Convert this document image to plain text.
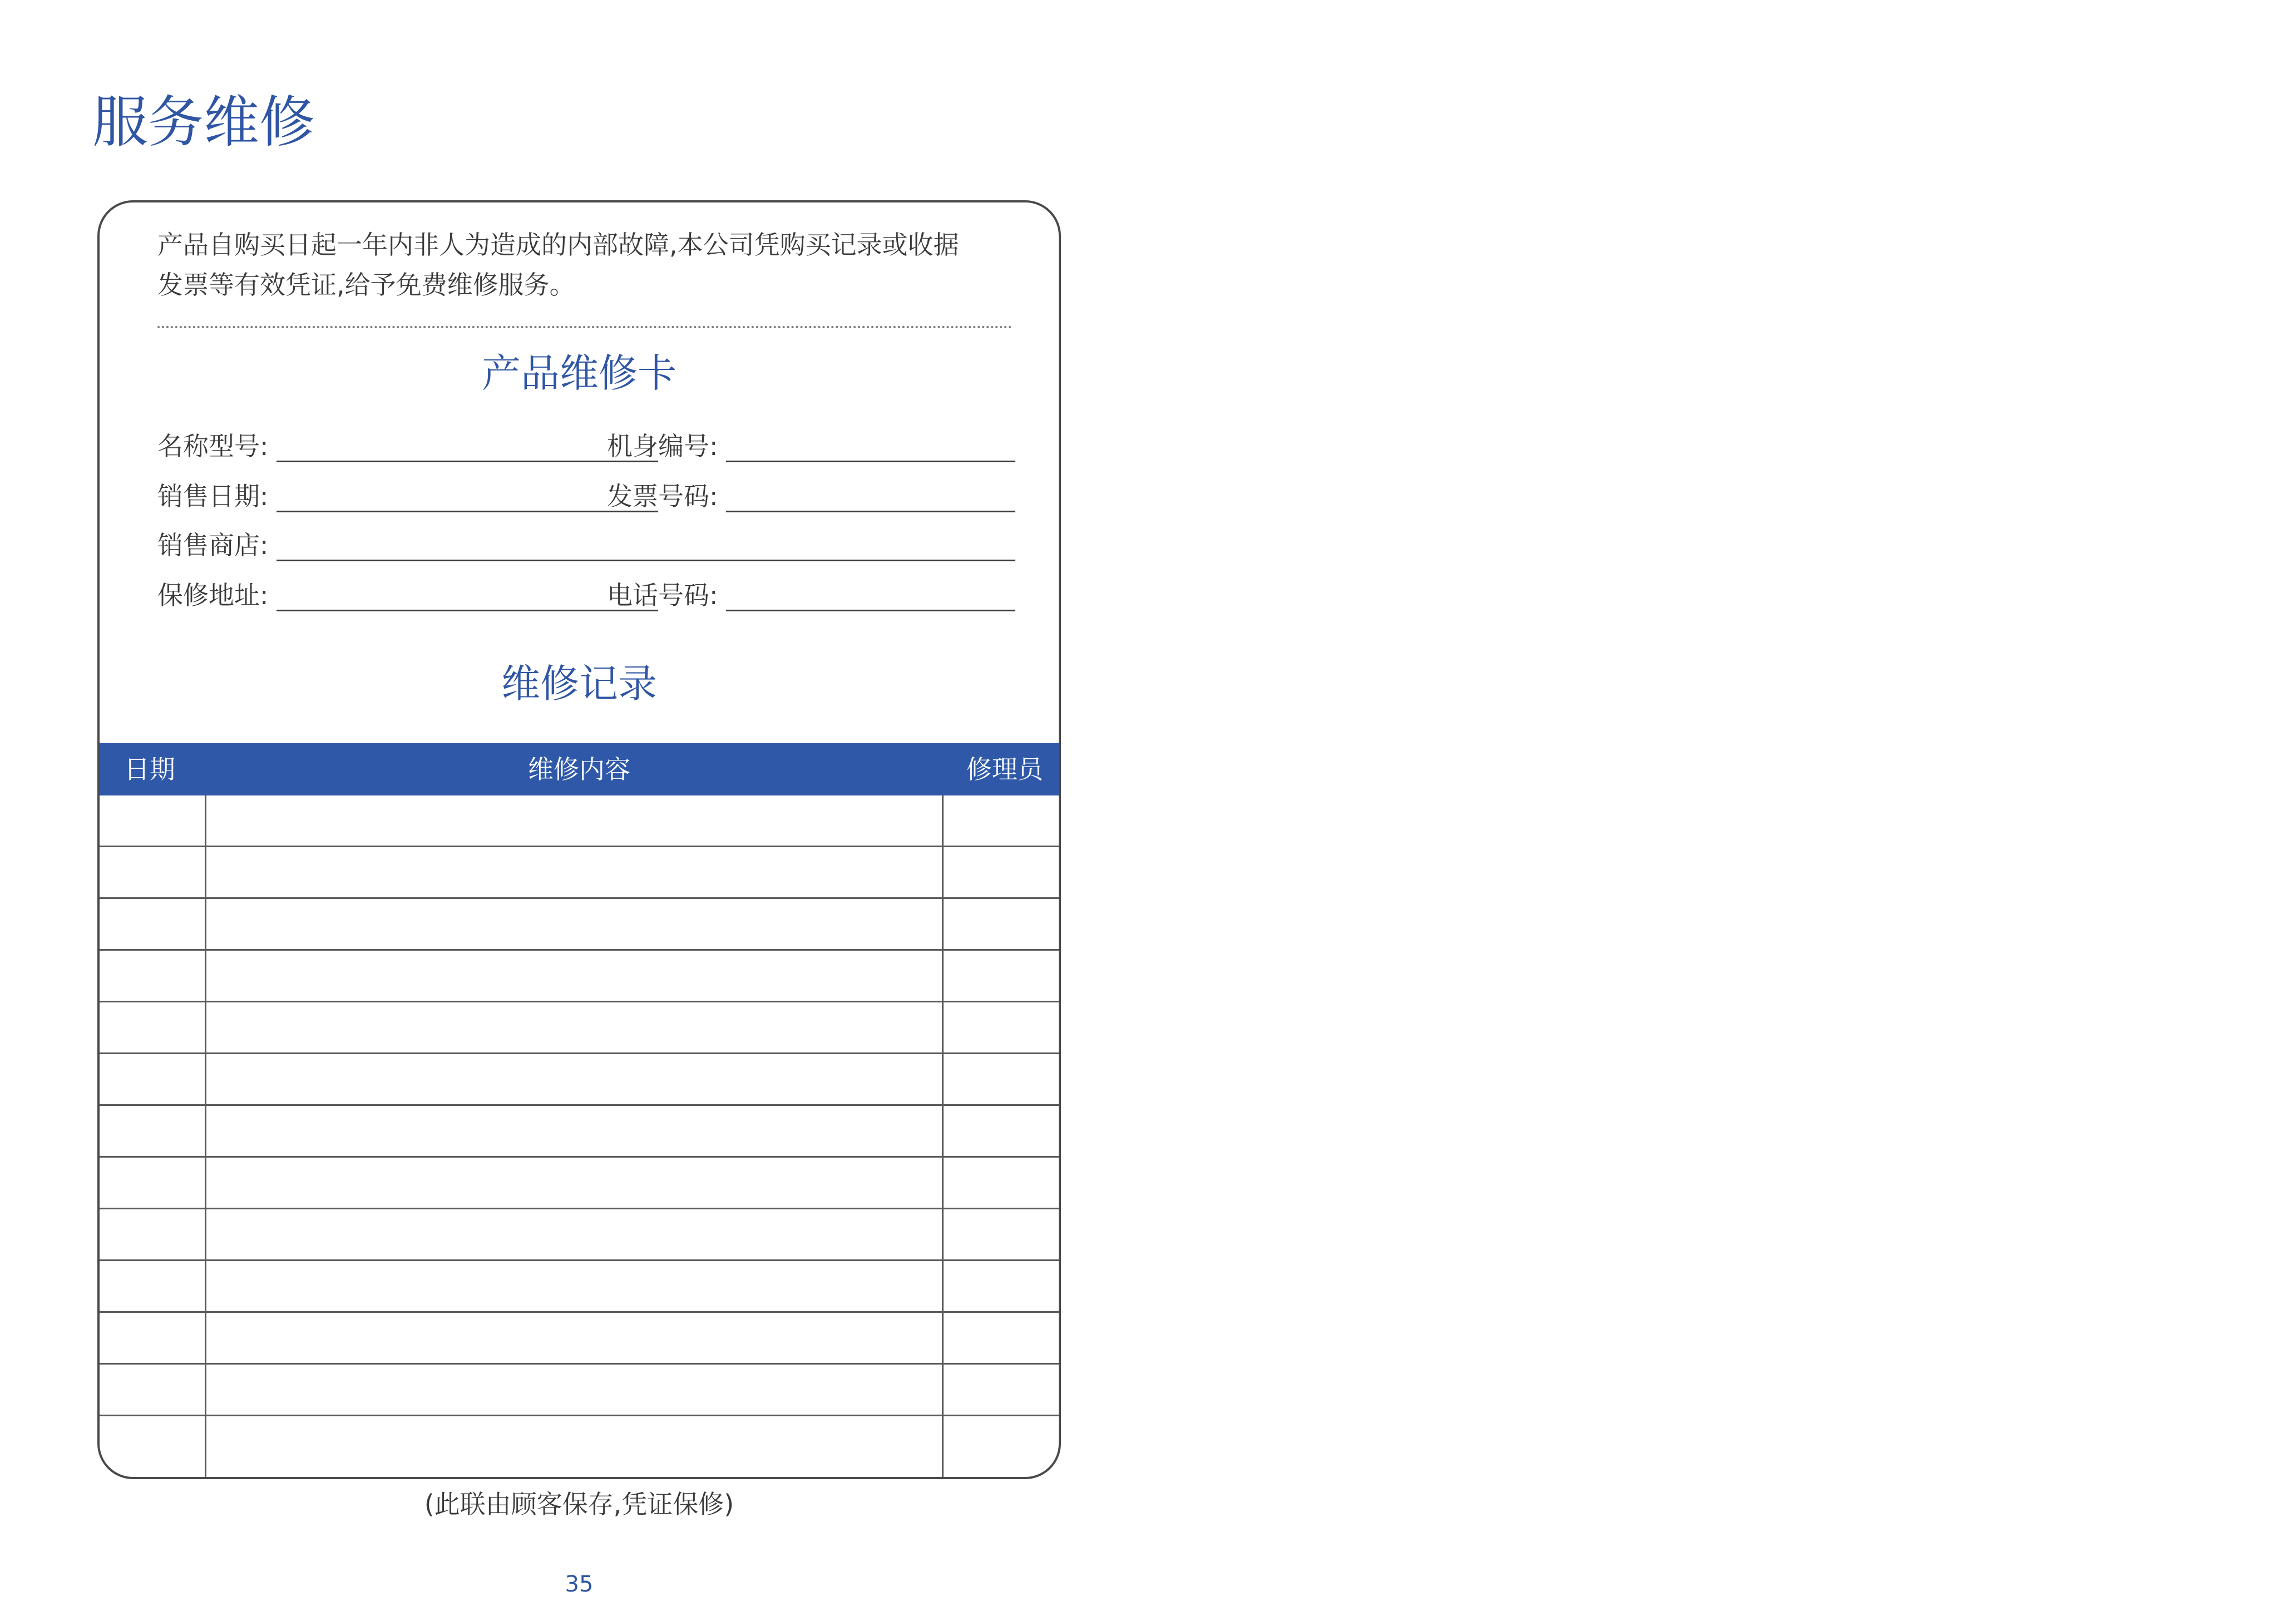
服务维修
产品自购买日起一年内非人为造成的内部故障,本公司凭购买记录或收据
发票等有效凭证,给予免费维修服务。
产品维修卡
名称型号:	机身编号:
销售日期:	发票号码:
销售商店:
保修地址:	电话号码:
维修记录
日期	维修内容	修理员
(此联由顾客保存,凭证保修)
35
